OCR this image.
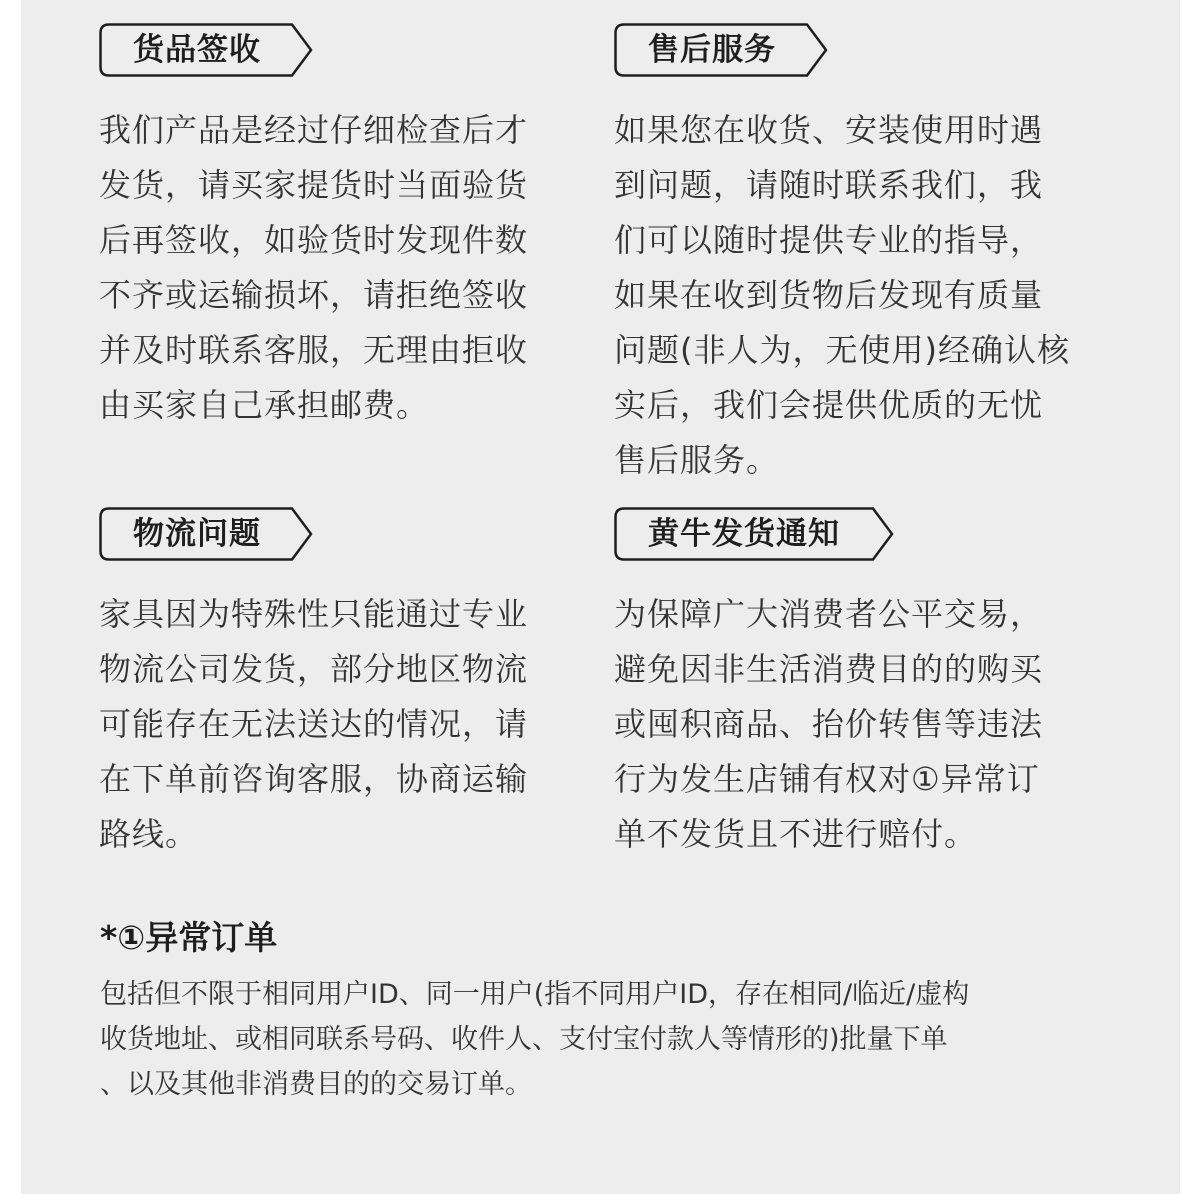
货品签收
我们产品是经过仔细检查后才
发货，请买家提货时当面验货
后再签收，如验货时发现件数
不齐或运输损坏，请拒绝签收
并及时联系客服，无理由拒收
由买家自己承担邮费。
售后服务
如果您在收货、安装使用时遇
到问题，请随时联系我们，我
们可以随时提供专业的指导，
如果在收到货物后发现有质量
问题(非人为，无使用)经确认核
实后，我们会提供优质的无忧
售后服务。
物流问题
家具因为特殊性只能通过专业
物流公司发货，部分地区物流
可能存在无法送达的情况，请
在下单前咨询客服，协商运输
路线。
黄牛发货通知
为保障广大消费者公平交易，
避免因非生活消费目的的购买
或囤积商品、抬价转售等违法
行为发生店铺有权对①异常订
单不发货且不进行赔付。
*①异常订单
包括但不限于相同用户ID、同一用户(指不同用户ID，存在相同/临近/虚构
收货地址、或相同联系号码、收件人、支付宝付款人等情形的)批量下单
、以及其他非消费目的的交易订单。
